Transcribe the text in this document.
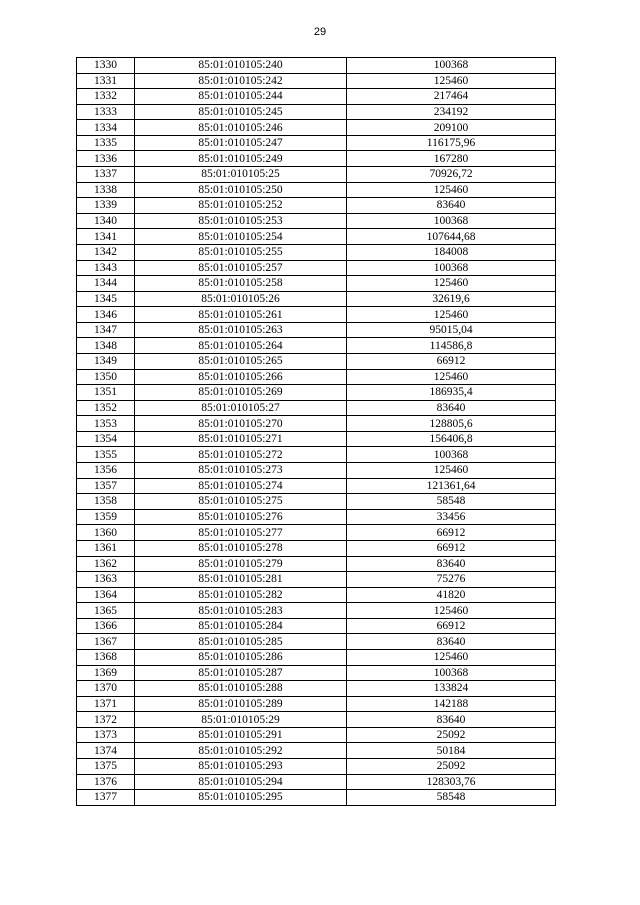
29
1330	85:01:010105:240	100368
1331	85:01:010105:242	125460
1332	85:01:010105:244	217464
1333	85:01:010105:245	234192
1334	85:01:010105:246	209100
1335	85:01:010105:247	116175,96
1336	85:01:010105:249	167280
1337	85:01:010105:25	70926,72
1338	85:01:010105:250	125460
1339	85:01:010105:252	83640
1340	85:01:010105:253	100368
1341	85:01:010105:254	107644,68
1342	85:01:010105:255	184008
1343	85:01:010105:257	100368
1344	85:01:010105:258	125460
1345	85:01:010105:26	32619,6
1346	85:01:010105:261	125460
1347	85:01:010105:263	95015,04
1348	85:01:010105:264	114586,8
1349	85:01:010105:265	66912
1350	85:01:010105:266	125460
1351	85:01:010105:269	186935,4
1352	85:01:010105:27	83640
1353	85:01:010105:270	128805,6
1354	85:01:010105:271	156406,8
1355	85:01:010105:272	100368
1356	85:01:010105:273	125460
1357	85:01:010105:274	121361,64
1358	85:01:010105:275	58548
1359	85:01:010105:276	33456
1360	85:01:010105:277	66912
1361	85:01:010105:278	66912
1362	85:01:010105:279	83640
1363	85:01:010105:281	75276
1364	85:01:010105:282	41820
1365	85:01:010105:283	125460
1366	85:01:010105:284	66912
1367	85:01:010105:285	83640
1368	85:01:010105:286	125460
1369	85:01:010105:287	100368
1370	85:01:010105:288	133824
1371	85:01:010105:289	142188
1372	85:01:010105:29	83640
1373	85:01:010105:291	25092
1374	85:01:010105:292	50184
1375	85:01:010105:293	25092
1376	85:01:010105:294	128303,76
1377	85:01:010105:295	58548
